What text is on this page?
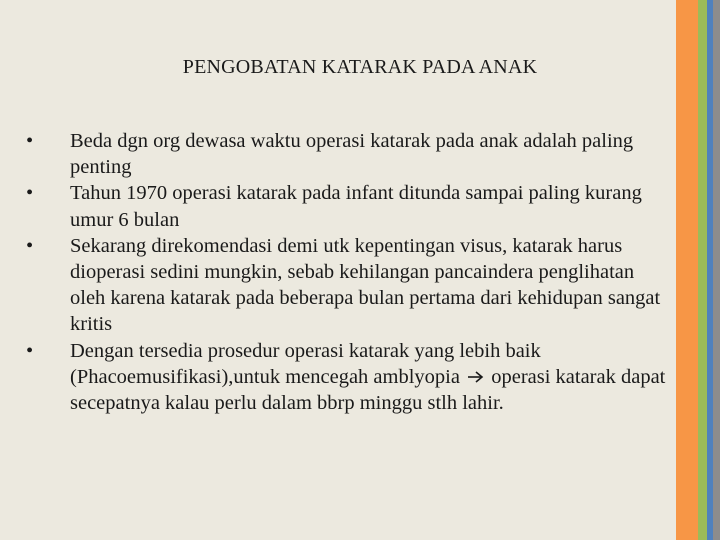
PENGOBATAN KATARAK PADA ANAK
•	Beda dgn org dewasa waktu operasi katarak pada anak adalah paling penting
•	Tahun 1970 operasi katarak pada infant ditunda sampai paling kurang umur 6 bulan
•	Sekarang direkomendasi demi utk kepentingan visus, katarak harus dioperasi sedini mungkin, sebab kehilangan pancaindera penglihatan oleh karena katarak pada beberapa bulan pertama dari kehidupan sangat kritis
•	Dengan tersedia prosedur operasi katarak yang lebih baik (Phacoemusifikasi),untuk mencegah amblyopia  operasi katarak dapat secepatnya kalau perlu dalam bbrp minggu stlh lahir.
